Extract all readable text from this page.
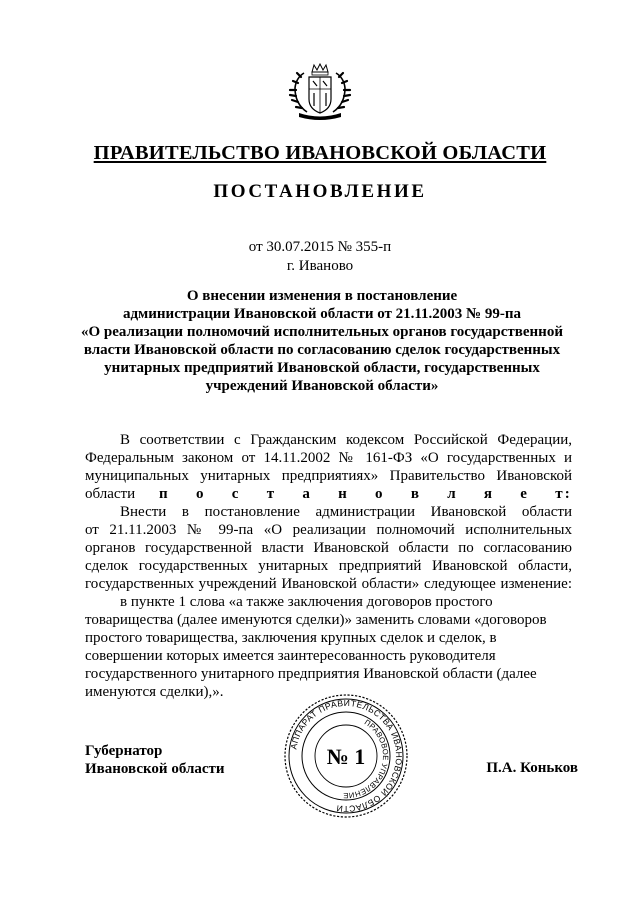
ПРАВИТЕЛЬСТВО ИВАНОВСКОЙ ОБЛАСТИ
ПОСТАНОВЛЕНИЕ
от 30.07.2015 № 355-п
г. Иваново
О внесении изменения в постановление
администрации Ивановской области от 21.11.2003 № 99-па
«О реализации полномочий исполнительных органов государственной
власти Ивановской области по согласованию сделок государственных
унитарных предприятий Ивановской области, государственных
учреждений Ивановской области»

В соответствии с Гражданским кодексом Российской Федерации,
Федеральным законом от 14.11.2002 № 161-ФЗ «О государственных и
муниципальных унитарных предприятиях» Правительство Ивановской
области п о с т а н о в л я е т:

Внести в постановление администрации Ивановской области
от 21.11.2003 № 99-па «О реализации полномочий исполнительных
органов государственной власти Ивановской области по согласованию
сделок государственных унитарных предприятий Ивановской области,
государственных учреждений Ивановской области» следующее изменение:

в пункте 1 слова «а также заключения договоров простого
товарищества (далее именуются сделки)» заменить словами «договоров
простого товарищества, заключения крупных сделок и сделок, в
совершении которых имеется заинтересованность руководителя
государственного унитарного предприятия Ивановской области (далее
именуются сделки),».

Губернатор
Ивановской области
АППАРАТ ПРАВИТЕЛЬСТВА ИВАНОВСКОЙ ОБЛАСТИ
ПРАВОВОЕ УПРАВЛЕНИЕ
№ 1	П.А. Коньков
